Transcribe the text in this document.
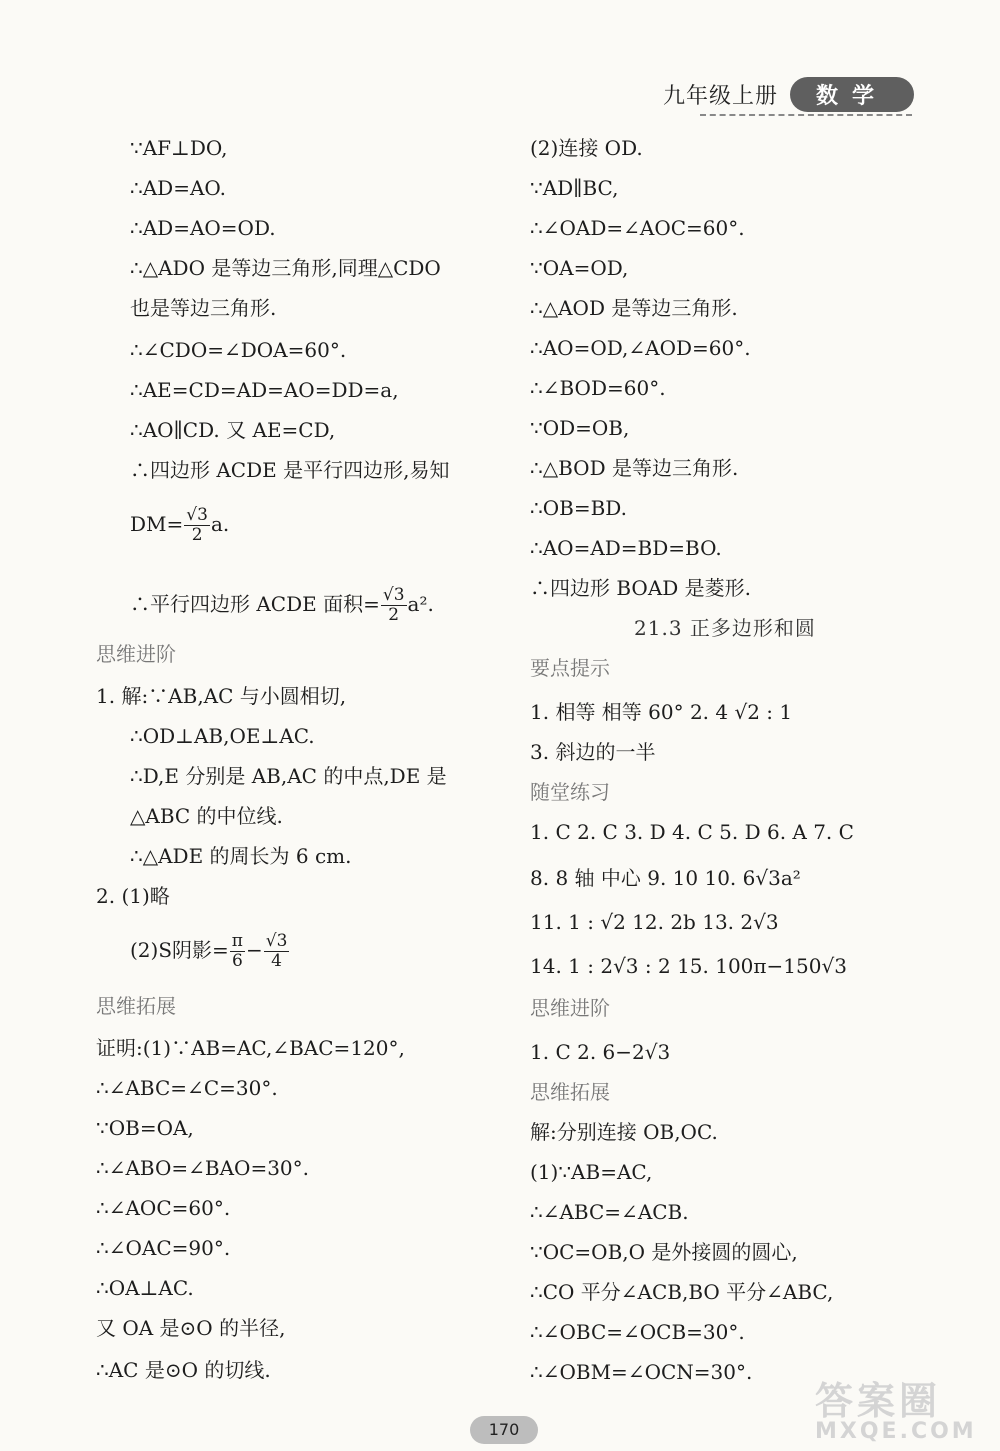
九年级上册	数学
∵AF⊥DO,
∴AD=AO.
∴AD=AO=OD.
∴△ADO 是等边三角形,同理△CDO
也是等边三角形.
∴∠CDO=∠DOA=60°.
∴AE=CD=AD=AO=DD=a,
∴AO∥CD. 又 AE=CD,
∴四边形 ACDE 是平行四边形,易知
$DM= \frac{√3}{2} a$.
∴平行四边形 ACDE 面积= $\frac{√3}{2} a^2$.
思维进阶
1. 解:∵AB,AC 与小圆相切,
∴OD⊥AB,OE⊥AC.
∴D,E 分别是 AB,AC 的中点,DE 是
△ABC 的中位线.
∴△ADE 的周长为 6 cm.
2. (1)略
(2)S阴影= $\frac{\pi}{6} - \frac{√3}{4}$
思维拓展
证明:(1)∵AB=AC,∠BAC=120°,
∴∠ABC=∠C=30°.
∵OB=OA,
∴∠ABO=∠BAO=30°.
∴∠AOC=60°.
∴∠OAC=90°.
∴OA⊥AC.
又 OA 是⊙O 的半径,
∴AC 是⊙O 的切线.
(2)连接 OD.
∵AD∥BC,
∴∠OAD=∠AOC=60°.
∵OA=OD,
∴△AOD 是等边三角形.
∴AO=OD,∠AOD=60°.
∴∠BOD=60°.
∵OD=OB,
∴△BOD 是等边三角形.
∴OB=BD.
∴AO=AD=BD=BO.
∴四边形 BOAD 是菱形.
21.3 正多边形和圆
要点提示
1. 相等 相等 60° 2. 4 √2 : 1
3. 斜边的一半
随堂练习
1. C 2. C 3. D 4. C 5. D 6. A 7. C
8. 8 轴 中心 9. 10 10. 6√3a²
11. 1 : √2 12. 2b 13. 2√3
14. 1 : 2√3 : 2 15. 100π−150√3
思维进阶
1. C 2. 6−2√3
思维拓展
解:分别连接 OB,OC.
(1)∵AB=AC,
∴∠ABC=∠ACB.
∵OC=OB,O 是外接圆的圆心,
∴CO 平分∠ACB,BO 平分∠ABC,
∴∠OBC=∠OCB=30°.
∴∠OBM=∠OCN=30°.
170
答案圈
MXQE.COM
